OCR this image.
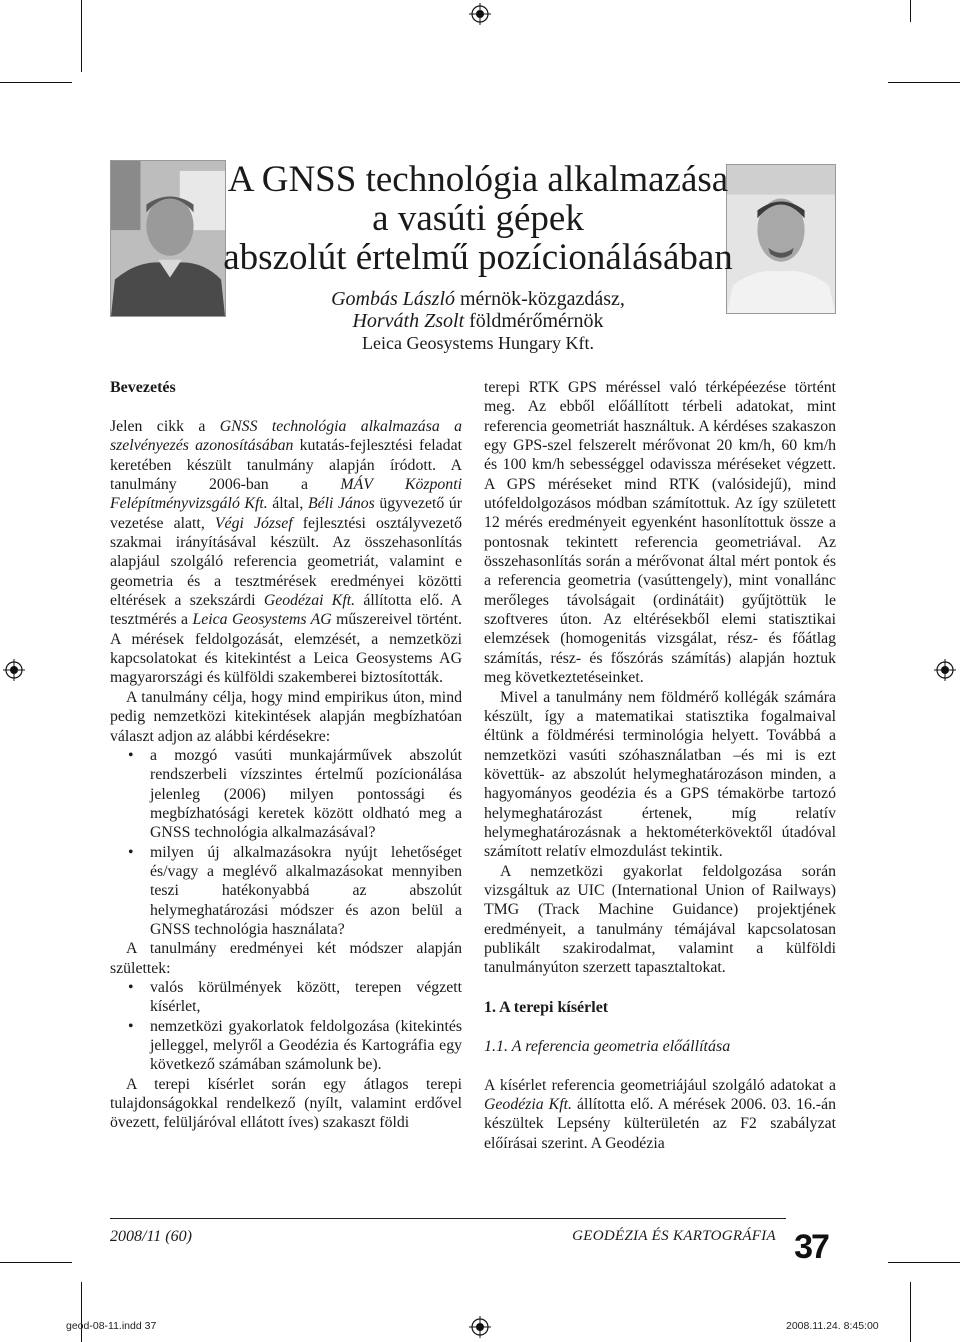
A GNSS technológia alkalmazása
a vasúti gépek
abszolút értelmű pozícionálásában
Gombás László mérnök-közgazdász,
Horváth Zsolt földmérőmérnök
Leica Geosystems Hungary Kft.
Bevezetés

Jelen cikk a GNSS technológia alkalmazása a szelvényezés azonosításában kutatás-fejlesztési feladat keretében készült tanulmány alapján íródott. A tanulmány 2006-ban a MÁV Központi Felépítményvizsgáló Kft. által, Béli János ügyvezető úr vezetése alatt, Végi József fejlesztési osztályvezető szakmai irányításával készült. Az összehasonlítás alapjául szolgáló referencia geometriát, valamint e geometria és a tesztmérések eredményei közötti eltérések a szekszárdi Geodézai Kft. állította elő. A tesztmérés a Leica Geosystems AG műszereivel történt. A mérések feldolgozását, elemzését, a nemzetközi kapcsolatokat és kitekintést a Leica Geosystems AG magyarországi és külföldi szakemberei biztosították.

A tanulmány célja, hogy mind empirikus úton, mind pedig nemzetközi kitekintések alapján megbízhatóan választ adjon az alábbi kérdésekre:

• a mozgó vasúti munkajárművek abszolút rendszerbeli vízszintes értelmű pozícionálása jelenleg (2006) milyen pontossági és megbízhatósági keretek között oldható meg a GNSS technológia alkalmazásával?
• milyen új alkalmazásokra nyújt lehetőséget és/vagy a meglévő alkalmazásokat mennyiben teszi hatékonyabbá az abszolút helymeghatározási módszer és azon belül a GNSS technológia használata?

A tanulmány eredményei két módszer alapján születtek:

• valós körülmények között, terepen végzett kísérlet,
• nemzetközi gyakorlatok feldolgozása (kitekintés jelleggel, melyről a Geodézia és Kartográfia egy következő számában számolunk be).

A terepi kísérlet során egy átlagos terepi tulajdonságokkal rendelkező (nyílt, valamint erdővel övezett, felüljáróval ellátott íves) szakaszt földi

terepi RTK GPS méréssel való térképéezése történt meg. Az ebből előállított térbeli adatokat, mint referencia geometriát használtuk. A kérdéses szakaszon egy GPS-szel felszerelt mérővonat 20 km/h, 60 km/h és 100 km/h sebességgel odavissza méréseket végzett. A GPS méréseket mind RTK (valósidejű), mind utófeldolgozásos módban számítottuk. Az így született 12 mérés eredményeit egyenként hasonlítottuk össze a pontosnak tekintett referencia geometriával. Az összehasonlítás során a mérővonat által mért pontok és a referencia geometria (vasúttengely), mint vonallánc merőleges távolságait (ordinátáit) gyűjtöttük le szoftveres úton. Az eltérésekből elemi statisztikai elemzések (homogenitás vizsgálat, rész- és főátlag számítás, rész- és főszórás számítás) alapján hoztuk meg következtetéseinket.

Mivel a tanulmány nem földmérő kollégák számára készült, így a matematikai statisztika fogalmaival éltünk a földmérési terminológia helyett. Továbbá a nemzetközi vasúti szóhasználatban –és mi is ezt követtük- az abszolút helymeghatározáson minden, a hagyományos geodézia és a GPS témakörbe tartozó helymeghatározást értenek, míg relatív helymeghatározásnak a hektométerkövektől útadóval számított relatív elmozdulást tekintik.

A nemzetközi gyakorlat feldolgozása során vizsgáltuk az UIC (International Union of Railways) TMG (Track Machine Guidance) projektjének eredményeit, a tanulmány témájával kapcsolatosan publikált szakirodalmat, valamint a külföldi tanulmányúton szerzett tapasztaltokat.

1. A terepi kísérlet
1.1. A referencia geometria előállítása

A kísérlet referencia geometriájául szolgáló adatokat a Geodézia Kft. állította elő. A mérések 2006. 03. 16.-án készültek Lepsény külterületén az F2 szabályzat előírásai szerint. A Geodézia

2008/11 (60)	GEODÉZIA ÉS KARTOGRÁFIA 37
geod-08-11.indd 37	2008.11.24. 8:45:00
